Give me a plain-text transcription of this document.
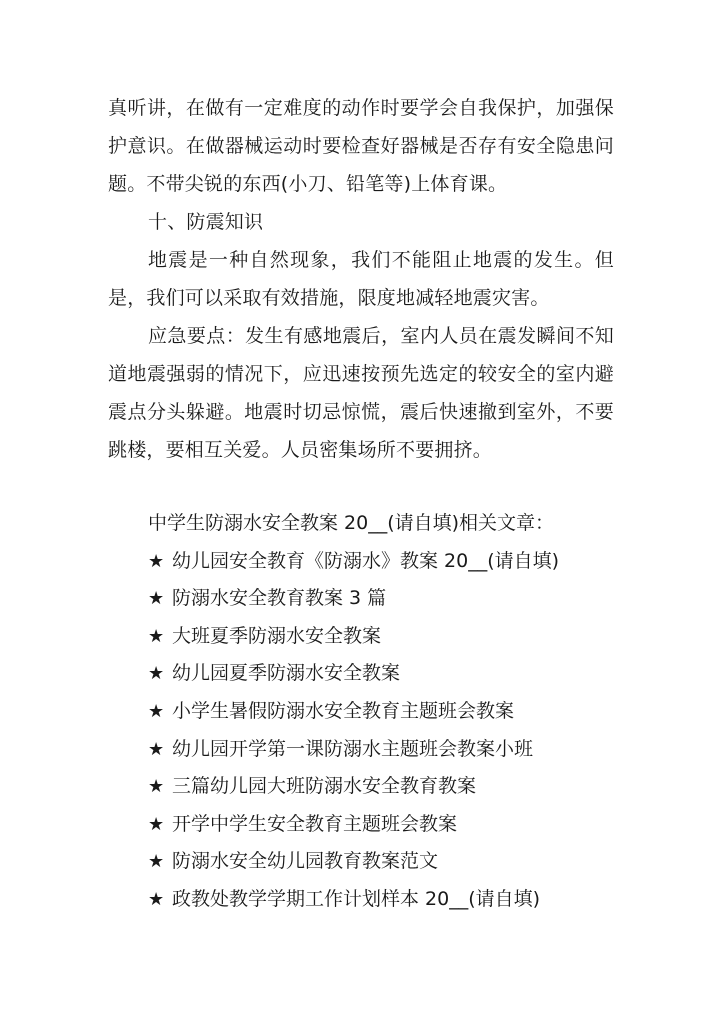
真听讲，在做有一定难度的动作时要学会自我保护，加强保护意识。在做器械运动时要检查好器械是否存有安全隐患问题。不带尖锐的东西(小刀、铅笔等)上体育课。

十、防震知识

地震是一种自然现象，我们不能阻止地震的发生。但是，我们可以采取有效措施，限度地减轻地震灾害。

应急要点：发生有感地震后，室内人员在震发瞬间不知道地震强弱的情况下，应迅速按预先选定的较安全的室内避震点分头躲避。地震时切忌惊慌，震后快速撤到室外，不要跳楼，要相互关爱。人员密集场所不要拥挤。

中学生防溺水安全教案 20__(请自填)相关文章：

★ 幼儿园安全教育《防溺水》教案 20__(请自填)
★ 防溺水安全教育教案 3 篇
★ 大班夏季防溺水安全教案
★ 幼儿园夏季防溺水安全教案
★ 小学生暑假防溺水安全教育主题班会教案
★ 幼儿园开学第一课防溺水主题班会教案小班
★ 三篇幼儿园大班防溺水安全教育教案
★ 开学中学生安全教育主题班会教案
★ 防溺水安全幼儿园教育教案范文
★ 政教处教学学期工作计划样本 20__(请自填)
